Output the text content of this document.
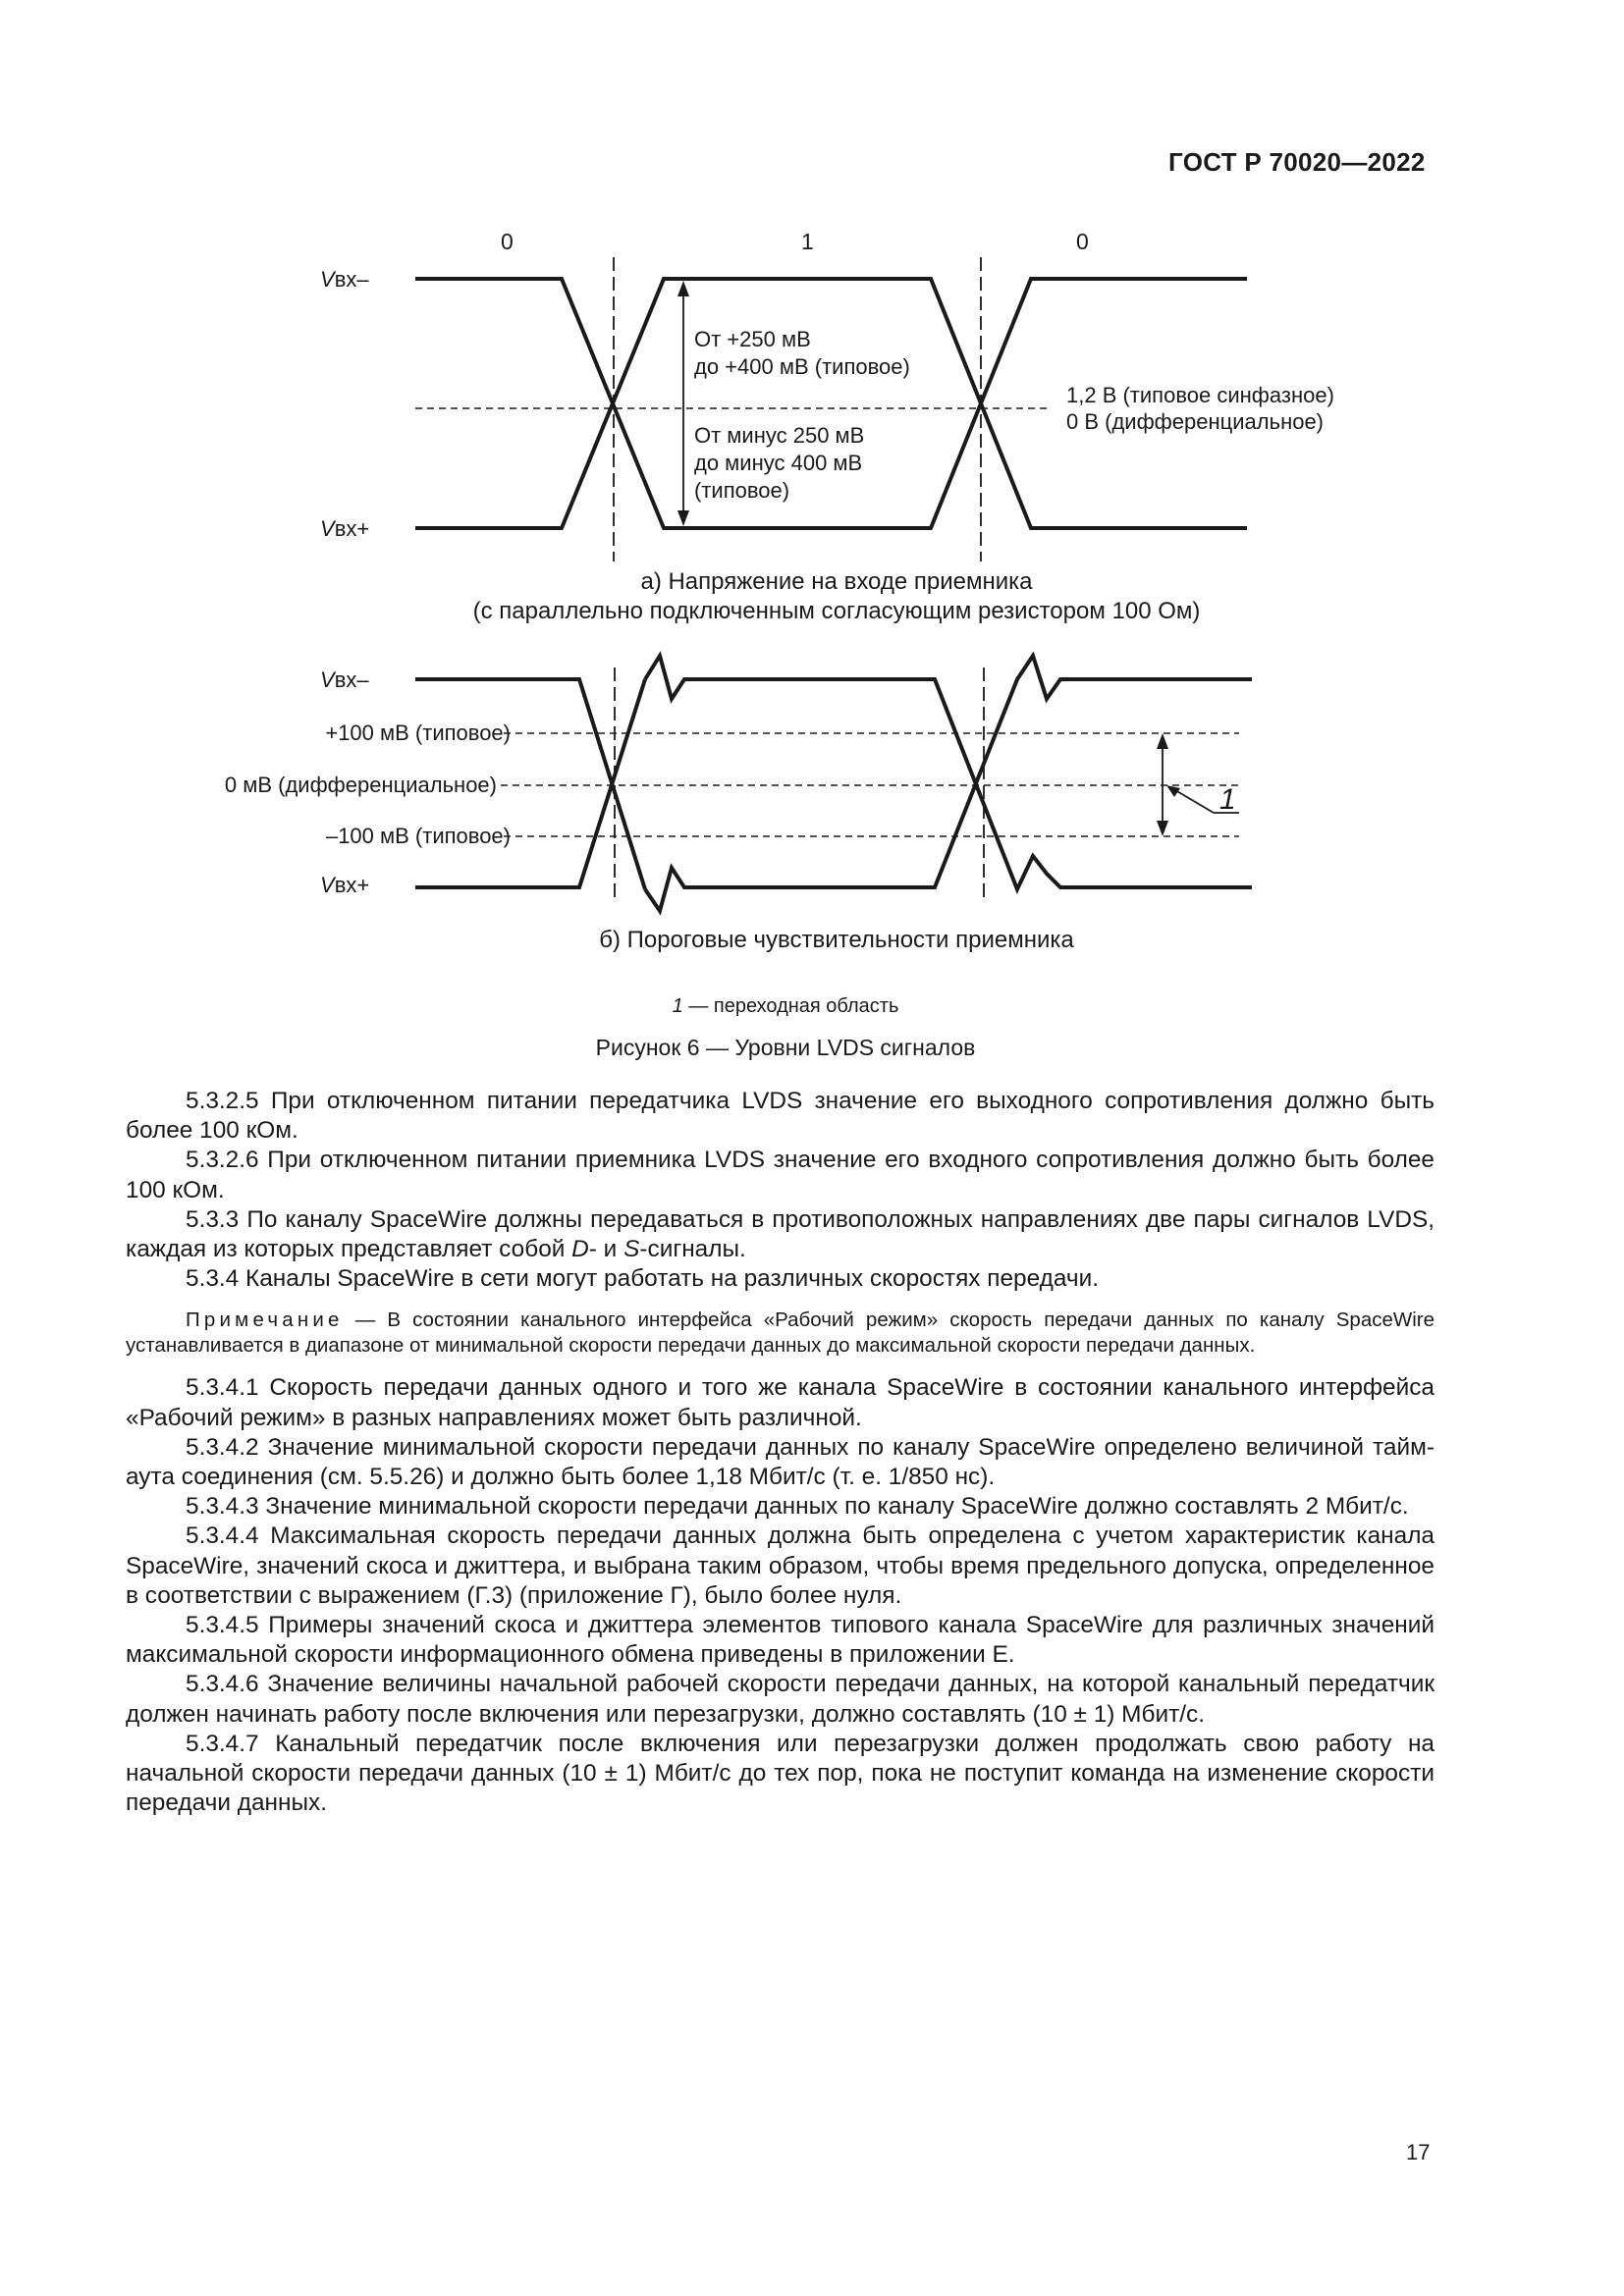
ГОСТ Р 70020—2022
0	1	0
Vвх–
Vвх+
От +250 мВ
до +400 мВ (типовое)
От минус 250 мВ
до минус 400 мВ
(типовое)
1,2 В (типовое синфазное)
0 В (дифференциальное)
а) Напряжение на входе приемника
(с параллельно подключенным согласующим резистором 100 Ом)
Vвх–
Vвх+
+100 мВ (типовое)
0 мВ (дифференциальное)
–100 мВ (типовое)
1
б) Пороговые чувствительности приемника
1 — переходная область
Рисунок 6 — Уровни LVDS сигналов

5.3.2.5 При отключенном питании передатчика LVDS значение его выходного сопротивления должно быть более 100 кОм.

5.3.2.6 При отключенном питании приемника LVDS значение его входного сопротивления должно быть более 100 кОм.

5.3.3 По каналу SpaceWire должны передаваться в противоположных направлениях две пары сигналов LVDS, каждая из которых представляет собой D- и S-сигналы.

5.3.4 Каналы SpaceWire в сети могут работать на различных скоростях передачи.

Примечание — В состоянии канального интерфейса «Рабочий режим» скорость передачи данных по каналу SpaceWire устанавливается в диапазоне от минимальной скорости передачи данных до максимальной скорости передачи данных.

5.3.4.1 Скорость передачи данных одного и того же канала SpaceWire в состоянии канального интерфейса «Рабочий режим» в разных направлениях может быть различной.

5.3.4.2 Значение минимальной скорости передачи данных по каналу SpaceWire определено величиной тайм-аута соединения (см. 5.5.26) и должно быть более 1,18 Мбит/с (т. е. 1/850 нс).

5.3.4.3 Значение минимальной скорости передачи данных по каналу SpaceWire должно составлять 2 Мбит/с.

5.3.4.4 Максимальная скорость передачи данных должна быть определена с учетом характеристик канала SpaceWire, значений скоса и джиттера, и выбрана таким образом, чтобы время предельного допуска, определенное в соответствии с выражением (Г.3) (приложение Г), было более нуля.

5.3.4.5 Примеры значений скоса и джиттера элементов типового канала SpaceWire для различных значений максимальной скорости информационного обмена приведены в приложении Е.

5.3.4.6 Значение величины начальной рабочей скорости передачи данных, на которой канальный передатчик должен начинать работу после включения или перезагрузки, должно составлять (10 ± 1) Мбит/с.

5.3.4.7 Канальный передатчик после включения или перезагрузки должен продолжать свою работу на начальной скорости передачи данных (10 ± 1) Мбит/с до тех пор, пока не поступит команда на изменение скорости передачи данных.

17
